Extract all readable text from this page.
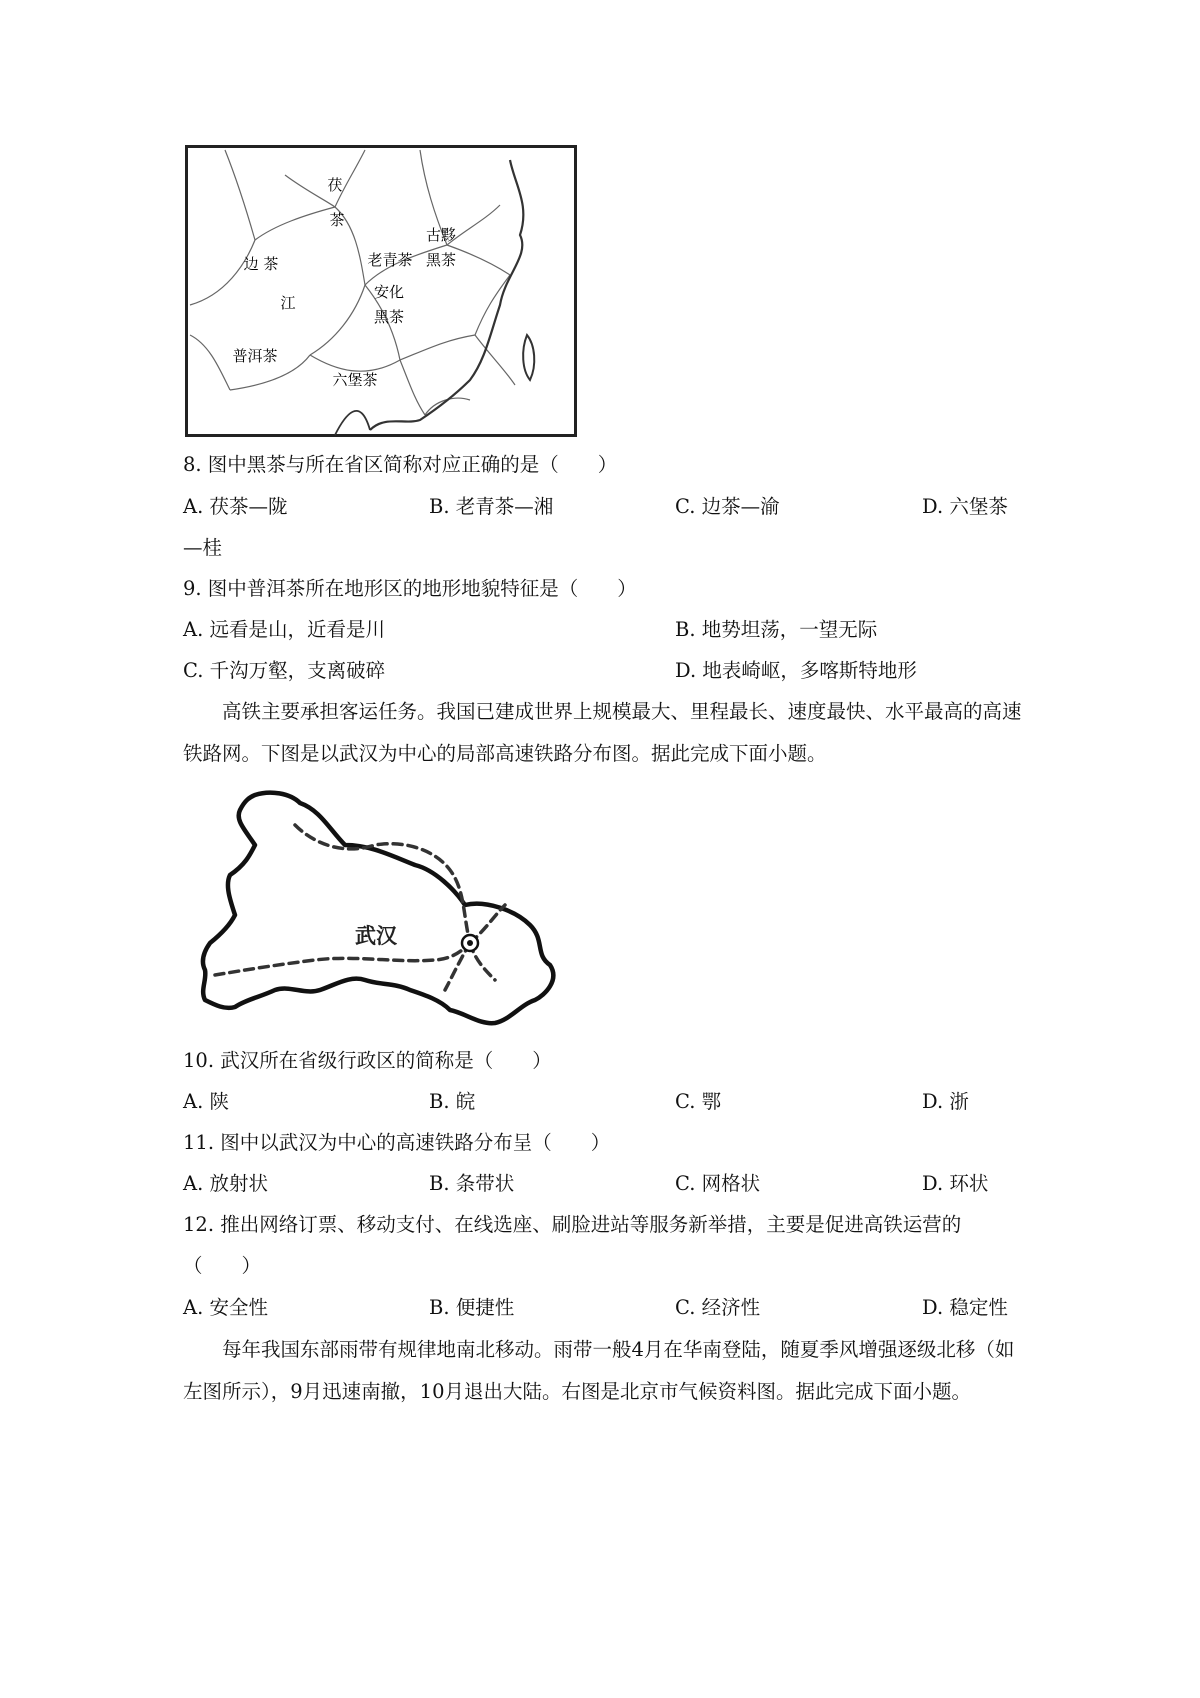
茯
茶
古黟
黑茶
老青茶
边 茶
安化
黑茶
江
普洱茶
六堡茶
8. 图中黑茶与所在省区简称对应正确的是（　　）
A. 茯茶—陇	B. 老青茶—湘	C. 边茶—渝	D. 六堡茶
—桂
9. 图中普洱茶所在地形区的地形地貌特征是（　　）
A. 远看是山，近看是川	B. 地势坦荡，一望无际
C. 千沟万壑，支离破碎	D. 地表崎岖，多喀斯特地形
高铁主要承担客运任务。我国已建成世界上规模最大、里程最长、速度最快、水平最高的高速铁路网。下图是以武汉为中心的局部高速铁路分布图。据此完成下面小题。
武汉
10. 武汉所在省级行政区的简称是（　　）
A. 陕	B. 皖	C. 鄂	D. 浙
11. 图中以武汉为中心的高速铁路分布呈（　　）
A. 放射状	B. 条带状	C. 网格状	D. 环状
12. 推出网络订票、移动支付、在线选座、刷脸进站等服务新举措，主要是促进高铁运营的
（　　）
A. 安全性	B. 便捷性	C. 经济性	D. 稳定性
每年我国东部雨带有规律地南北移动。雨带一般4月在华南登陆，随夏季风增强逐级北移（如左图所示），9月迅速南撤，10月退出大陆。右图是北京市气候资料图。据此完成下面小题。
